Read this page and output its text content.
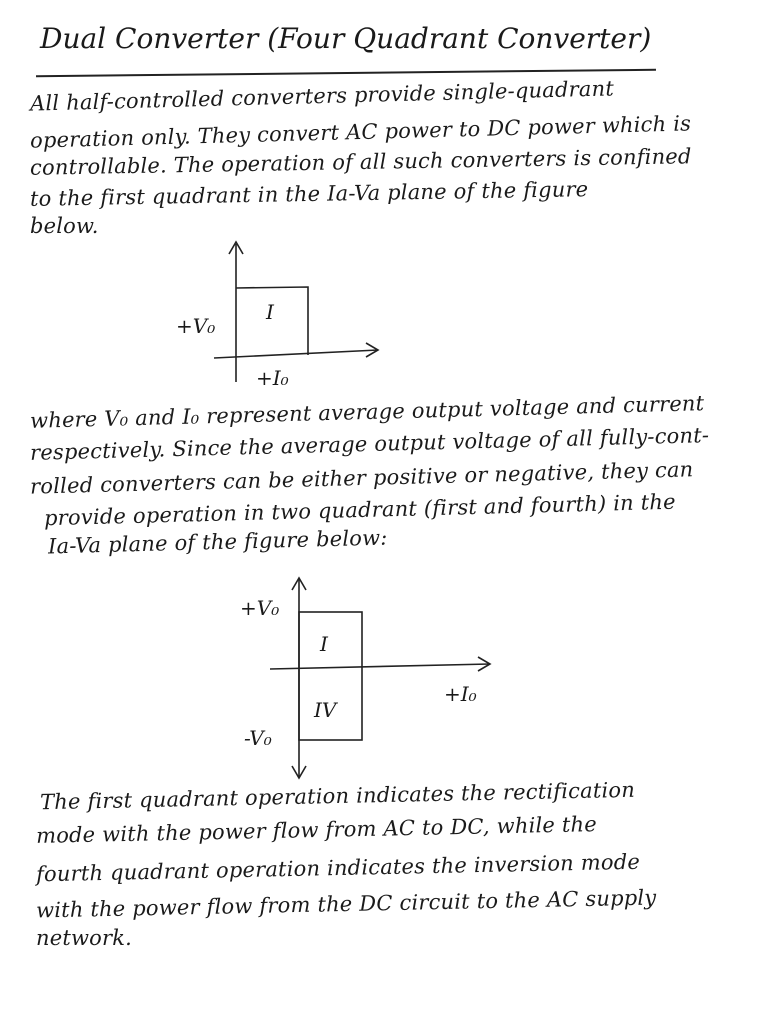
Dual Converter (Four Quadrant Converter)
All half-controlled converters provide single-quadrant
operation only. They convert AC power to DC power which is
controllable. The operation of all such converters is confined
to the first quadrant in the Ia-Va plane of the figure
below.
+V₀
I
+I₀
where V₀ and I₀ represent average output voltage and current
respectively. Since the average output voltage of all fully-cont-
rolled converters can be either positive or negative, they can
provide operation in two quadrant (first and fourth) in the
Ia-Va plane of the figure below:
+V₀
I
IV
+I₀
-V₀
The first quadrant operation indicates the rectification
mode with the power flow from AC to DC, while the
fourth quadrant operation indicates the inversion mode
with the power flow from the DC circuit to the AC supply
network.
